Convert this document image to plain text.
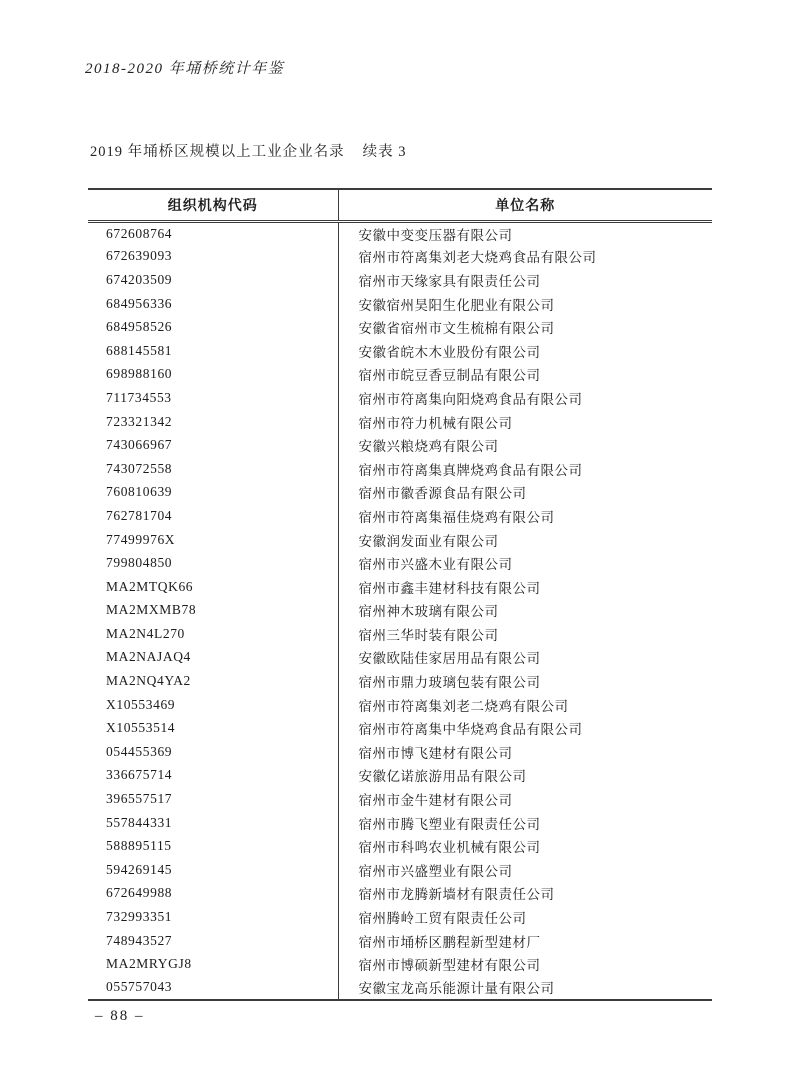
2018-2020 年埇桥统计年鉴
2019 年埇桥区规模以上工业企业名录 续表 3
组织机构代码	单位名称
672608764	安徽中变变压器有限公司
672639093	宿州市符离集刘老大烧鸡食品有限公司
674203509	宿州市天缘家具有限责任公司
684956336	安徽宿州昊阳生化肥业有限公司
684958526	安徽省宿州市文生梳棉有限公司
688145581	安徽省皖木木业股份有限公司
698988160	宿州市皖豆香豆制品有限公司
711734553	宿州市符离集向阳烧鸡食品有限公司
723321342	宿州市符力机械有限公司
743066967	安徽兴粮烧鸡有限公司
743072558	宿州市符离集真牌烧鸡食品有限公司
760810639	宿州市徽香源食品有限公司
762781704	宿州市符离集福佳烧鸡有限公司
77499976X	安徽润发面业有限公司
799804850	宿州市兴盛木业有限公司
MA2MTQK66	宿州市鑫丰建材科技有限公司
MA2MXMB78	宿州神木玻璃有限公司
MA2N4L270	宿州三华时装有限公司
MA2NAJAQ4	安徽欧陆佳家居用品有限公司
MA2NQ4YA2	宿州市鼎力玻璃包装有限公司
X10553469	宿州市符离集刘老二烧鸡有限公司
X10553514	宿州市符离集中华烧鸡食品有限公司
054455369	宿州市博飞建材有限公司
336675714	安徽亿诺旅游用品有限公司
396557517	宿州市金牛建材有限公司
557844331	宿州市腾飞塑业有限责任公司
588895115	宿州市科鸣农业机械有限公司
594269145	宿州市兴盛塑业有限公司
672649988	宿州市龙腾新墙材有限责任公司
732993351	宿州腾岭工贸有限责任公司
748943527	宿州市埇桥区鹏程新型建材厂
MA2MRYGJ8	宿州市博硕新型建材有限公司
055757043	安徽宝龙高乐能源计量有限公司
– 88 –
